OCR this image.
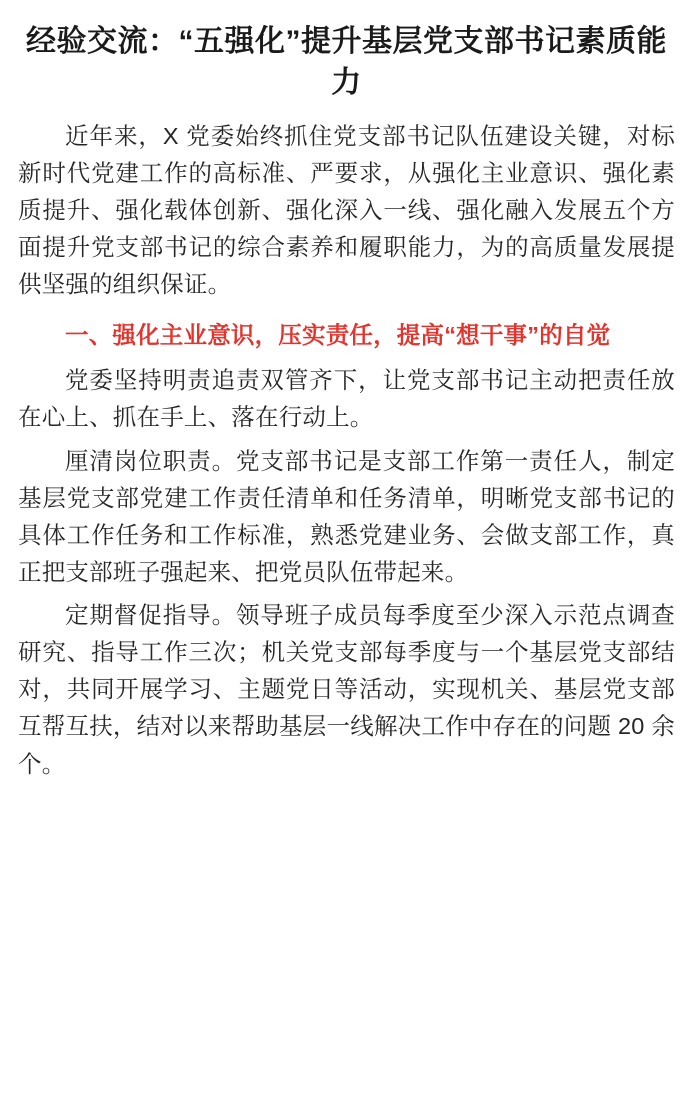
经验交流：“五强化”提升基层党支部书记素质能力

近年来，X 党委始终抓住党支部书记队伍建设关键，对标新时代党建工作的高标准、严要求，从强化主业意识、强化素质提升、强化载体创新、强化深入一线、强化融入发展五个方面提升党支部书记的综合素养和履职能力，为的高质量发展提供坚强的组织保证。

一、强化主业意识，压实责任，提高“想干事”的自觉

党委坚持明责追责双管齐下，让党支部书记主动把责任放在心上、抓在手上、落在行动上。

厘清岗位职责。党支部书记是支部工作第一责任人，制定基层党支部党建工作责任清单和任务清单，明晰党支部书记的具体工作任务和工作标准，熟悉党建业务、会做支部工作，真正把支部班子强起来、把党员队伍带起来。

定期督促指导。领导班子成员每季度至少深入示范点调查研究、指导工作三次；机关党支部每季度与一个基层党支部结对，共同开展学习、主题党日等活动，实现机关、基层党支部互帮互扶，结对以来帮助基层一线解决工作中存在的问题 20 余个。
